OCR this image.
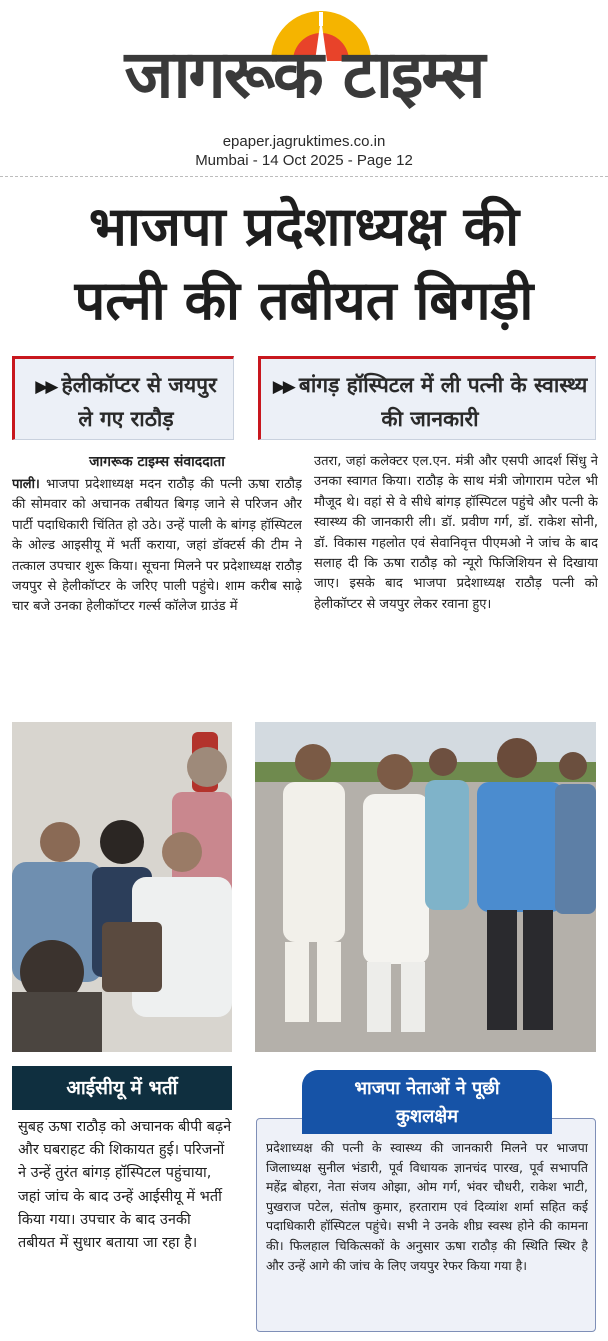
जागरूक टाइम्स
epaper.jagruktimes.co.in
Mumbai - 14 Oct 2025 - Page 12
भाजपा प्रदेशाध्यक्ष की
पत्नी की तबीयत बिगड़ी
▶▶ हेलीकॉप्टर से जयपुर ले गए राठौड़
▶▶ बांगड़ हॉस्पिटल में ली पत्नी के स्वास्थ्य की जानकारी
जागरूक टाइम्स संवाददाता
पाली। भाजपा प्रदेशाध्यक्ष मदन राठौड़ की पत्नी ऊषा राठौड़ की सोमवार को अचानक तबीयत बिगड़ जाने से परिजन और पार्टी पदाधिकारी चिंतित हो उठे। उन्हें पाली के बांगड़ हॉस्पिटल के ओल्ड आइसीयू में भर्ती कराया, जहां डॉक्टर्स की टीम ने तत्काल उपचार शुरू किया। सूचना मिलने पर प्रदेशाध्यक्ष राठौड़ जयपुर से हेलीकॉप्टर के जरिए पाली पहुंचे। शाम करीब साढ़े चार बजे उनका हेलीकॉप्टर गर्ल्स कॉलेज ग्राउंड में
उतरा, जहां कलेक्टर एल.एन. मंत्री और एसपी आदर्श सिंधु ने उनका स्वागत किया। राठौड़ के साथ मंत्री जोगाराम पटेल भी मौजूद थे। वहां से वे सीधे बांगड़ हॉस्पिटल पहुंचे और पत्नी के स्वास्थ्य की जानकारी ली। डॉ. प्रवीण गर्ग, डॉ. राकेश सोनी, डॉ. विकास गहलोत एवं सेवानिवृत्त पीएमओ ने जांच के बाद सलाह दी कि ऊषा राठौड़ को न्यूरो फिजिशियन से दिखाया जाए। इसके बाद भाजपा प्रदेशाध्यक्ष राठौड़ पत्नी को हेलीकॉप्टर से जयपुर लेकर रवाना हुए।
आईसीयू में भर्ती
सुबह ऊषा राठौड़ को अचानक बीपी बढ़ने और घबराहट की शिकायत हुई। परिजनों ने उन्हें तुरंत बांगड़ हॉस्पिटल पहुंचाया, जहां जांच के बाद उन्हें आईसीयू में भर्ती किया गया। उपचार के बाद उनकी तबीयत में सुधार बताया जा रहा है।
भाजपा नेताओं ने पूछी
कुशलक्षेम
प्रदेशाध्यक्ष की पत्नी के स्वास्थ्य की जानकारी मिलने पर भाजपा जिलाध्यक्ष सुनील भंडारी, पूर्व विधायक ज्ञानचंद पारख, पूर्व सभापति महेंद्र बोहरा, नेता संजय ओझा, ओम गर्ग, भंवर चौधरी, राकेश भाटी, पुखराज पटेल, संतोष कुमार, हरताराम एवं दिव्यांश शर्मा सहित कई पदाधिकारी हॉस्पिटल पहुंचे। सभी ने उनके शीघ्र स्वस्थ होने की कामना की। फिलहाल चिकित्सकों के अनुसार ऊषा राठौड़ की स्थिति स्थिर है और उन्हें आगे की जांच के लिए जयपुर रेफर किया गया है।
